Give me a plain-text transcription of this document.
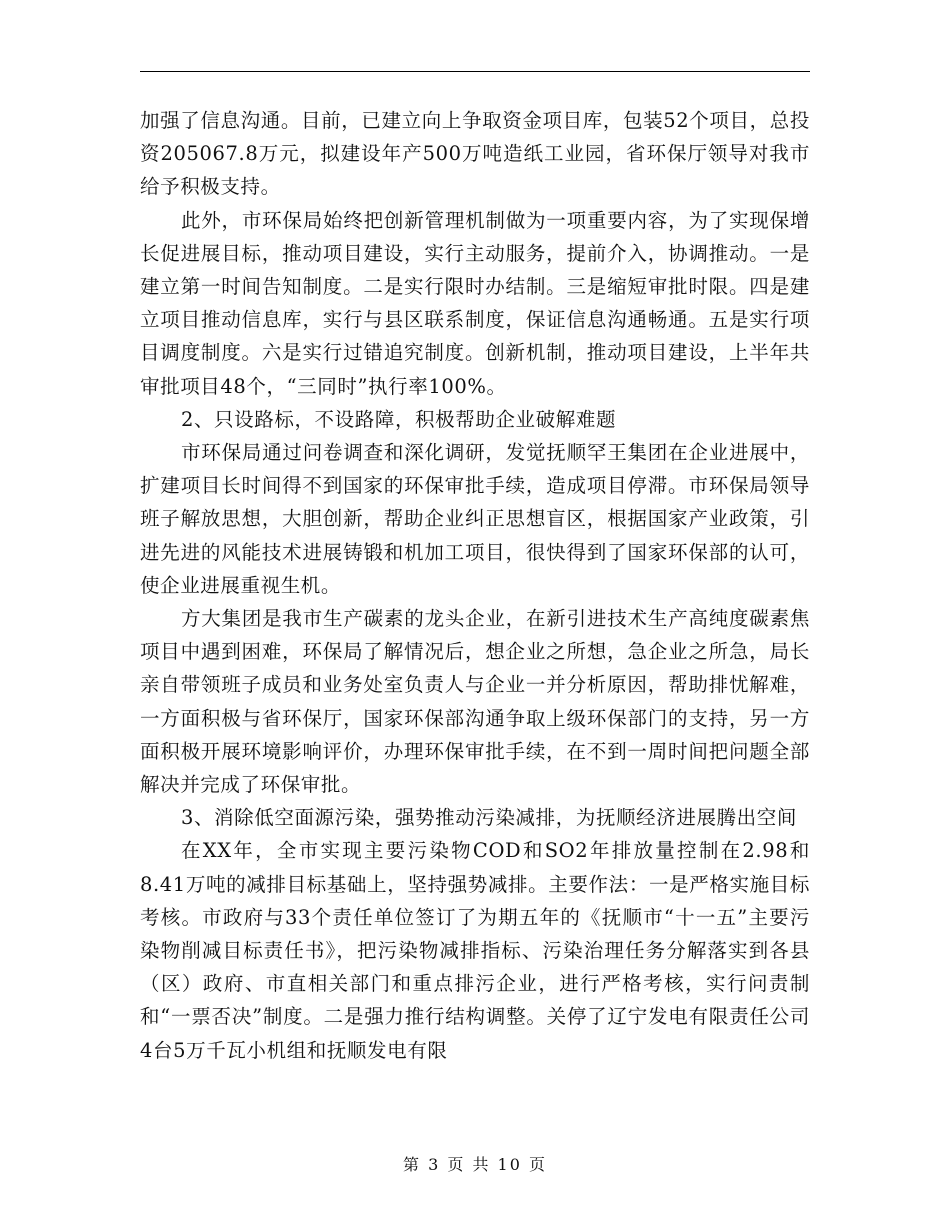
加强了信息沟通。目前，已建立向上争取资金项目库，包装52个项目，总投资205067.8万元，拟建设年产500万吨造纸工业园，省环保厅领导对我市给予积极支持。

此外，市环保局始终把创新管理机制做为一项重要内容，为了实现保增长促进展目标，推动项目建设，实行主动服务，提前介入，协调推动。一是建立第一时间告知制度。二是实行限时办结制。三是缩短审批时限。四是建立项目推动信息库，实行与县区联系制度，保证信息沟通畅通。五是实行项目调度制度。六是实行过错追究制度。创新机制，推动项目建设，上半年共审批项目48个，“三同时”执行率100%。

2、只设路标，不设路障，积极帮助企业破解难题

市环保局通过问卷调查和深化调研，发觉抚顺罕王集团在企业进展中，扩建项目长时间得不到国家的环保审批手续，造成项目停滞。市环保局领导班子解放思想，大胆创新，帮助企业纠正思想盲区，根据国家产业政策，引进先进的风能技术进展铸锻和机加工项目，很快得到了国家环保部的认可，使企业进展重视生机。

方大集团是我市生产碳素的龙头企业，在新引进技术生产高纯度碳素焦项目中遇到困难，环保局了解情况后，想企业之所想，急企业之所急，局长亲自带领班子成员和业务处室负责人与企业一并分析原因，帮助排忧解难，一方面积极与省环保厅，国家环保部沟通争取上级环保部门的支持，另一方面积极开展环境影响评价，办理环保审批手续，在不到一周时间把问题全部解决并完成了环保审批。

3、消除低空面源污染，强势推动污染减排，为抚顺经济进展腾出空间

在XX年，全市实现主要污染物COD和SO2年排放量控制在2.98和8.41万吨的减排目标基础上，坚持强势减排。主要作法：一是严格实施目标考核。市政府与33个责任单位签订了为期五年的《抚顺市“十一五”主要污染物削减目标责任书》，把污染物减排指标、污染治理任务分解落实到各县（区）政府、市直相关部门和重点排污企业，进行严格考核，实行问责制和“一票否决”制度。二是强力推行结构调整。关停了辽宁发电有限责任公司4台5万千瓦小机组和抚顺发电有限

第 3 页 共 10 页
